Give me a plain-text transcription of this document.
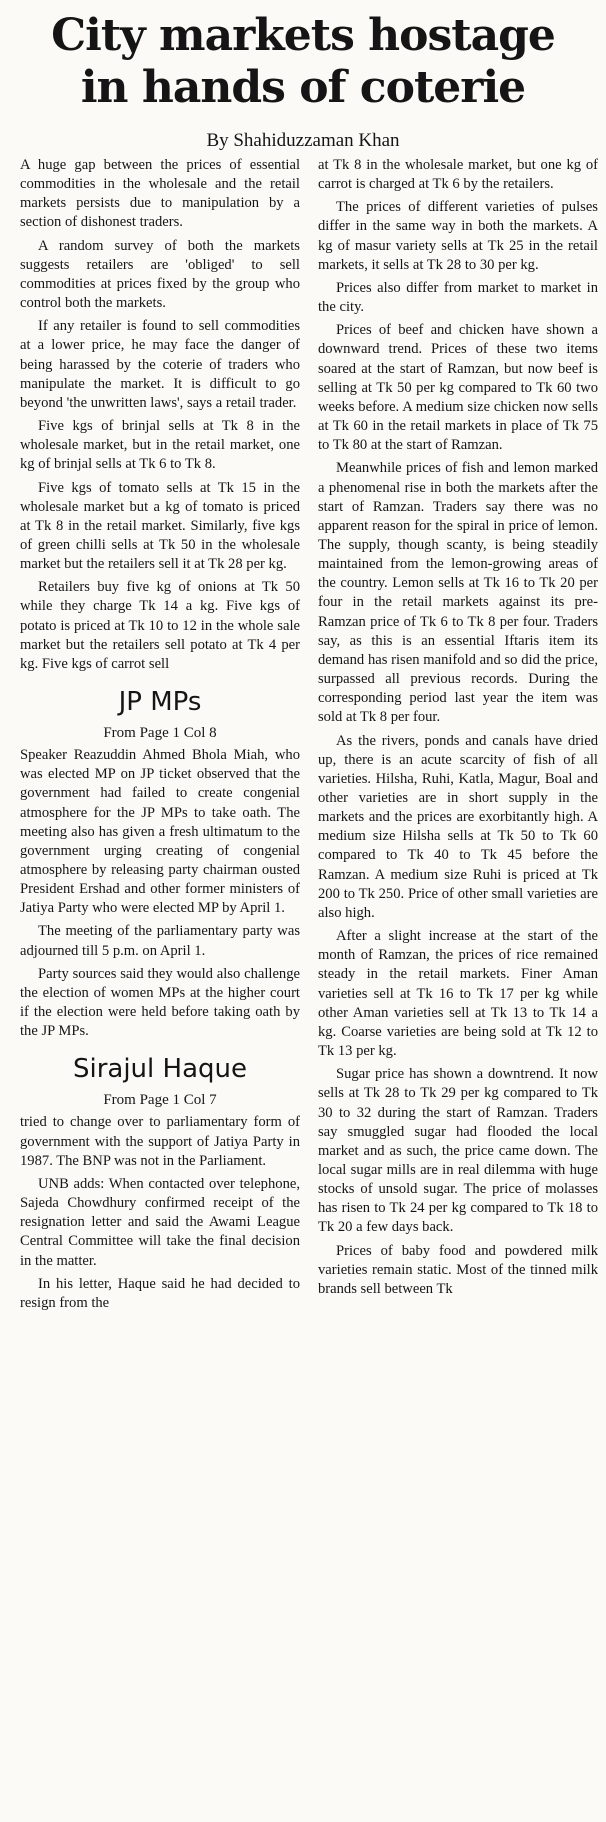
City markets hostage
in hands of coterie
By Shahiduzzaman Khan

A huge gap between the prices of essential commodities in the wholesale and the retail markets persists due to manipulation by a section of dishonest traders.

A random survey of both the markets suggests retailers are 'obliged' to sell commodities at prices fixed by the group who control both the markets.

If any retailer is found to sell commodities at a lower price, he may face the danger of being harassed by the coterie of traders who manipulate the market. It is difficult to go beyond 'the unwritten laws', says a retail trader.

Five kgs of brinjal sells at Tk 8 in the wholesale market, but in the retail market, one kg of brinjal sells at Tk 6 to Tk 8.

Five kgs of tomato sells at Tk 15 in the wholesale market but a kg of tomato is priced at Tk 8 in the retail market. Similarly, five kgs of green chilli sells at Tk 50 in the wholesale market but the retailers sell it at Tk 28 per kg.

Retailers buy five kg of onions at Tk 50 while they charge Tk 14 a kg. Five kgs of potato is priced at Tk 10 to 12 in the whole sale market but the retailers sell potato at Tk 4 per kg. Five kgs of carrot sell

JP MPs
From Page 1 Col 8

Speaker Reazuddin Ahmed Bhola Miah, who was elected MP on JP ticket observed that the government had failed to create congenial atmosphere for the JP MPs to take oath. The meeting also has given a fresh ultimatum to the government urging creating of congenial atmosphere by releasing party chairman ousted President Ershad and other former ministers of Jatiya Party who were elected MP by April 1.

The meeting of the parliamentary party was adjourned till 5 p.m. on April 1.

Party sources said they would also challenge the election of women MPs at the higher court if the election were held before taking oath by the JP MPs.

Sirajul Haque
From Page 1 Col 7

tried to change over to parliamentary form of government with the support of Jatiya Party in 1987. The BNP was not in the Parliament.

UNB adds: When contacted over telephone, Sajeda Chowdhury confirmed receipt of the resignation letter and said the Awami League Central Committee will take the final decision in the matter.

In his letter, Haque said he had decided to resign from the

at Tk 8 in the wholesale market, but one kg of carrot is charged at Tk 6 by the retailers.

The prices of different varieties of pulses differ in the same way in both the markets. A kg of masur variety sells at Tk 25 in the retail markets, it sells at Tk 28 to 30 per kg.

Prices also differ from market to market in the city.

Prices of beef and chicken have shown a downward trend. Prices of these two items soared at the start of Ramzan, but now beef is selling at Tk 50 per kg compared to Tk 60 two weeks before. A medium size chicken now sells at Tk 60 in the retail markets in place of Tk 75 to Tk 80 at the start of Ramzan.

Meanwhile prices of fish and lemon marked a phenomenal rise in both the markets after the start of Ramzan. Traders say there was no apparent reason for the spiral in price of lemon. The supply, though scanty, is being steadily maintained from the lemon-growing areas of the country. Lemon sells at Tk 16 to Tk 20 per four in the retail markets against its pre-Ramzan price of Tk 6 to Tk 8 per four. Traders say, as this is an essential Iftaris item its demand has risen manifold and so did the price, surpassed all previous records. During the corresponding period last year the item was sold at Tk 8 per four.

As the rivers, ponds and canals have dried up, there is an acute scarcity of fish of all varieties. Hilsha, Ruhi, Katla, Magur, Boal and other varieties are in short supply in the markets and the prices are exorbitantly high. A medium size Hilsha sells at Tk 50 to Tk 60 compared to Tk 40 to Tk 45 before the Ramzan. A medium size Ruhi is priced at Tk 200 to Tk 250. Price of other small varieties are also high.

After a slight increase at the start of the month of Ramzan, the prices of rice remained steady in the retail markets. Finer Aman varieties sell at Tk 16 to Tk 17 per kg while other Aman varieties sell at Tk 13 to Tk 14 a kg. Coarse varieties are being sold at Tk 12 to Tk 13 per kg.

Sugar price has shown a downtrend. It now sells at Tk 28 to Tk 29 per kg compared to Tk 30 to 32 during the start of Ramzan. Traders say smuggled sugar had flooded the local market and as such, the price came down. The local sugar mills are in real dilemma with huge stocks of unsold sugar. The price of molasses has risen to Tk 24 per kg compared to Tk 18 to Tk 20 a few days back.

Prices of baby food and powdered milk varieties remain static. Most of the tinned milk brands sell between Tk
